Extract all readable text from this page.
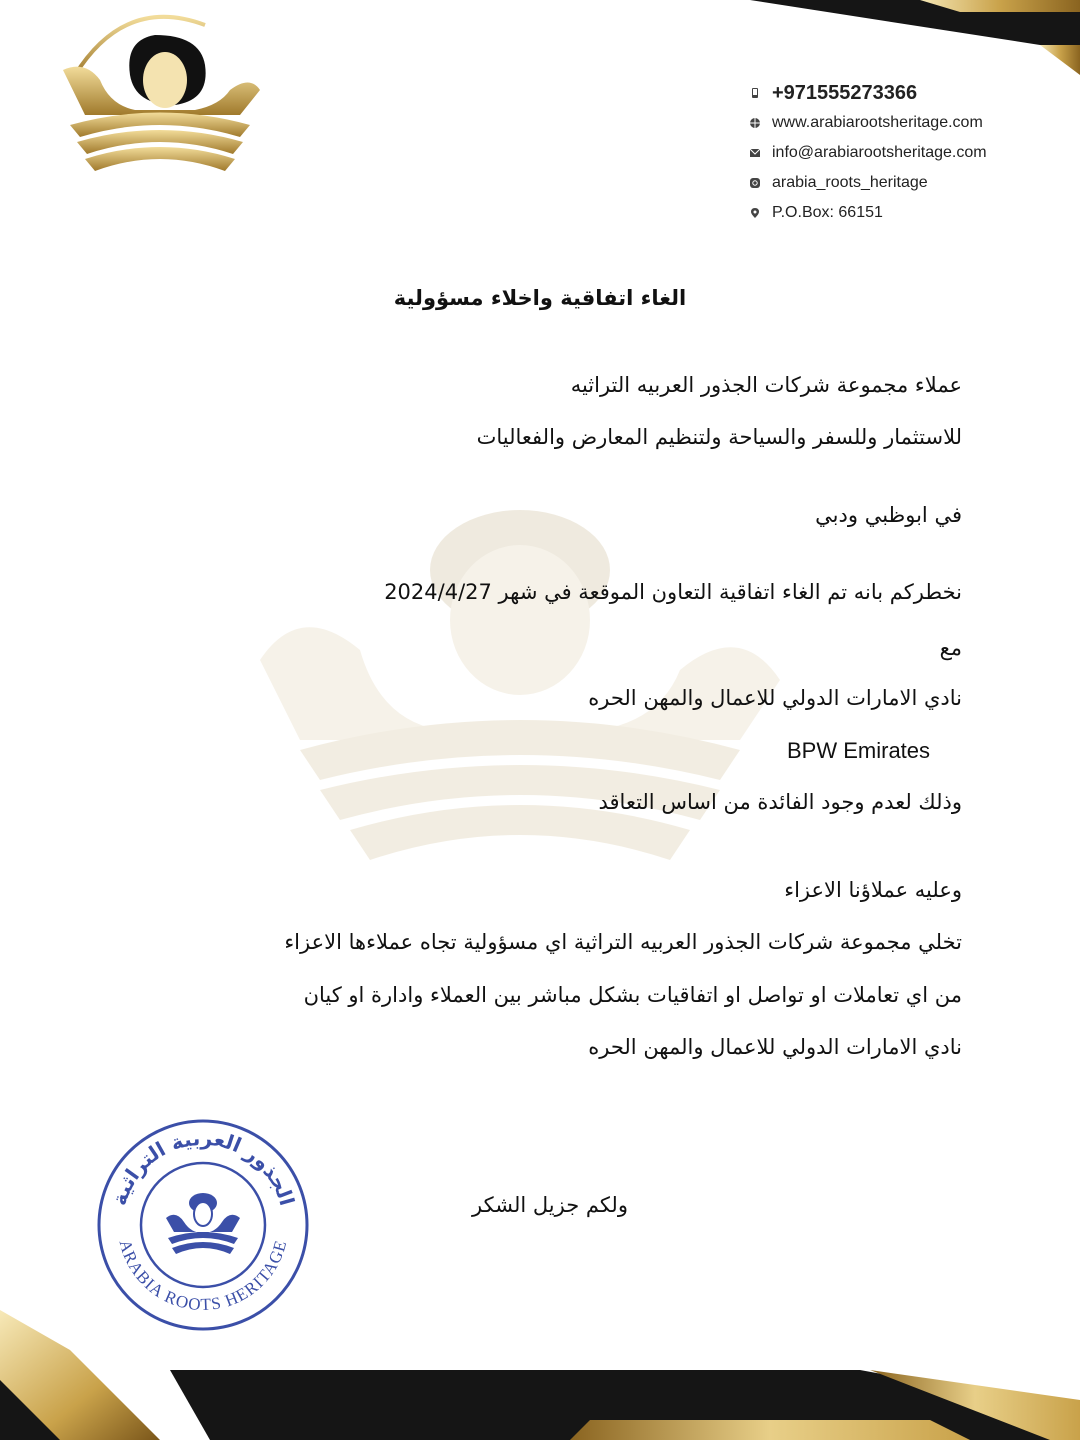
+971555273366
www.arabiarootsheritage.com
info@arabiarootsheritage.com
arabia_roots_heritage
P.O.Box: 66151
الغاء اتفاقية واخلاء مسؤولية
عملاء مجموعة شركات الجذور العربيه التراثيه
للاستثمار وللسفر والسياحة ولتنظيم المعارض والفعاليات
في ابوظبي ودبي
نخطركم بانه تم الغاء اتفاقية التعاون الموقعة في شهر 2024/4/27
مع
نادي الامارات الدولي للاعمال والمهن الحره
BPW Emirates
وذلك لعدم وجود الفائدة من اساس التعاقد
وعليه عملاؤنا الاعزاء
تخلي مجموعة شركات الجذور العربيه التراثية اي مسؤولية تجاه عملاءها الاعزاء
من اي تعاملات او تواصل او اتفاقيات بشكل مباشر بين العملاء وادارة او كيان
نادي الامارات الدولي للاعمال والمهن الحره
الجذور العربية التراثية
ARABIA ROOTS HERITAGE
ولكم جزيل الشكر
